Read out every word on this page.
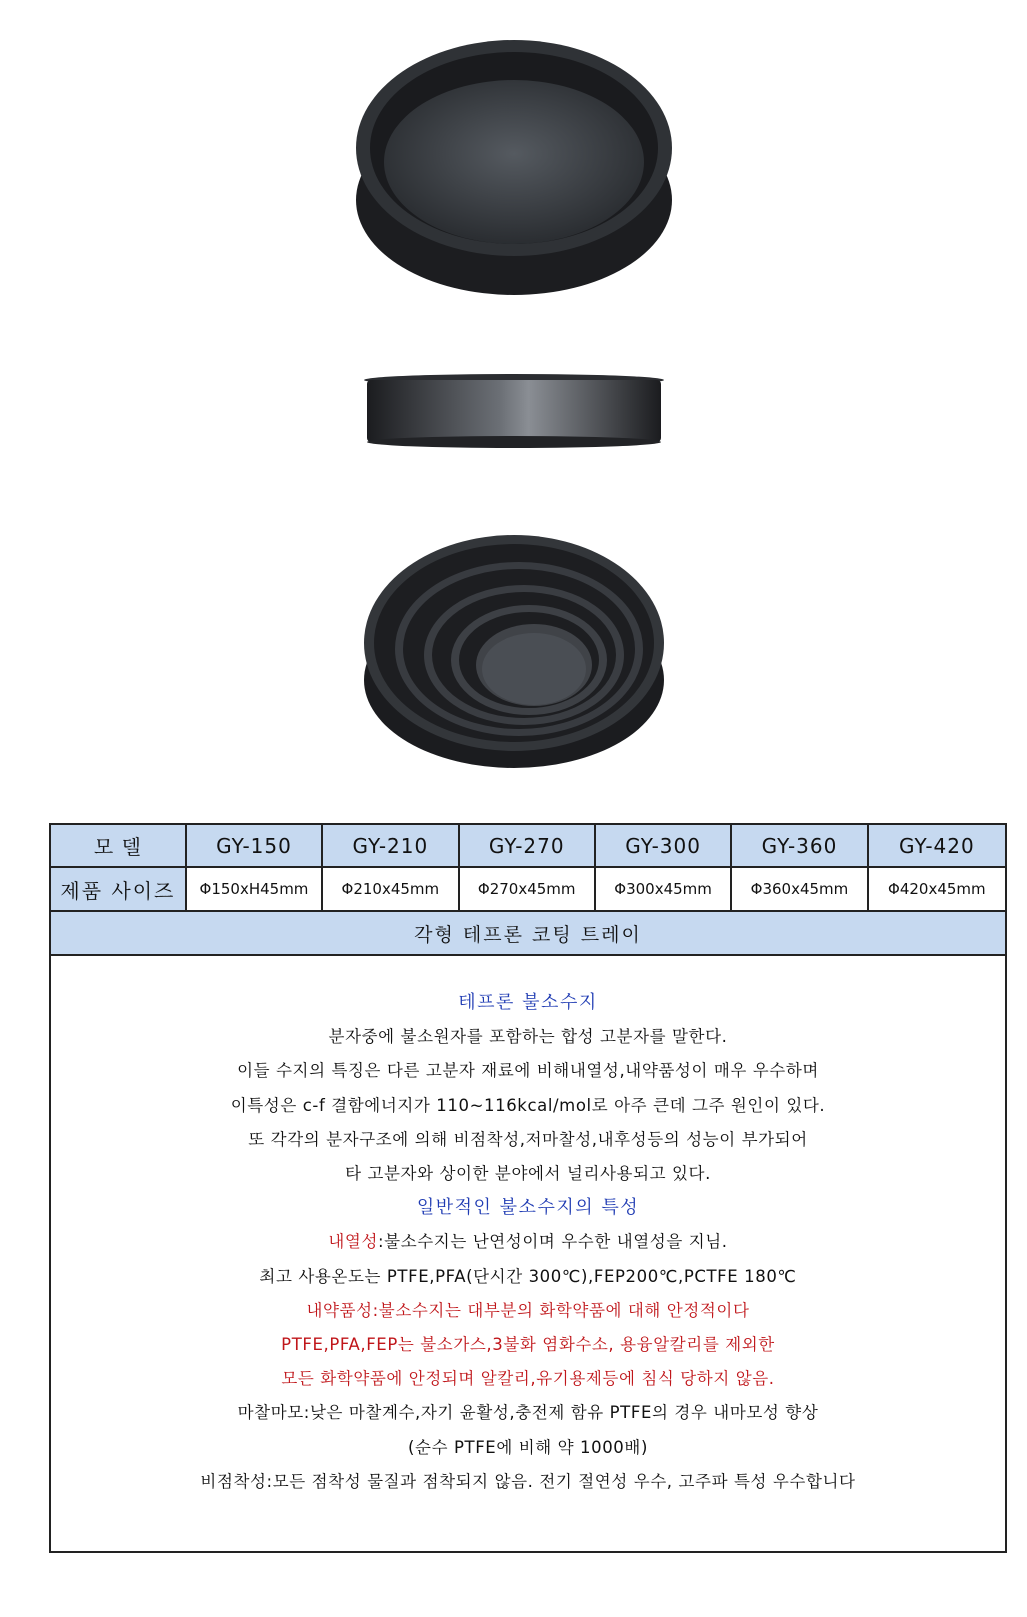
모 델	GY-150	GY-210	GY-270	GY-300	GY-360	GY-420
제품 사이즈	Φ150xH45mm	Φ210x45mm	Φ270x45mm	Φ300x45mm	Φ360x45mm	Φ420x45mm
각형 테프론 코팅 트레이
테프론 불소수지
분자중에 불소원자를 포함하는 합성 고분자를 말한다.
이들 수지의 특징은 다른 고분자 재료에 비해내열성,내약품성이 매우 우수하며
이특성은 c-f 결함에너지가 110~116kcal/mol로 아주 큰데 그주 원인이 있다.
또 각각의 분자구조에 의해 비점착성,저마찰성,내후성등의 성능이 부가되어
타 고분자와 상이한 분야에서 널리사용되고 있다.
일반적인 불소수지의 특성
내열성:불소수지는 난연성이며 우수한 내열성을 지님.
최고 사용온도는 PTFE,PFA(단시간 300℃),FEP200℃,PCTFE 180℃
내약품성:불소수지는 대부분의 화학약품에 대해 안정적이다
PTFE,PFA,FEP는 불소가스,3불화 염화수소, 용융알칼리를 제외한
모든 화학약품에 안정되며 알칼리,유기용제등에 침식 당하지 않음.
마찰마모:낮은 마찰계수,자기 윤활성,충전제 함유 PTFE의 경우 내마모성 향상
(순수 PTFE에 비해 약 1000배)
비점착성:모든 점착성 물질과 점착되지 않음. 전기 절연성 우수, 고주파 특성 우수합니다
